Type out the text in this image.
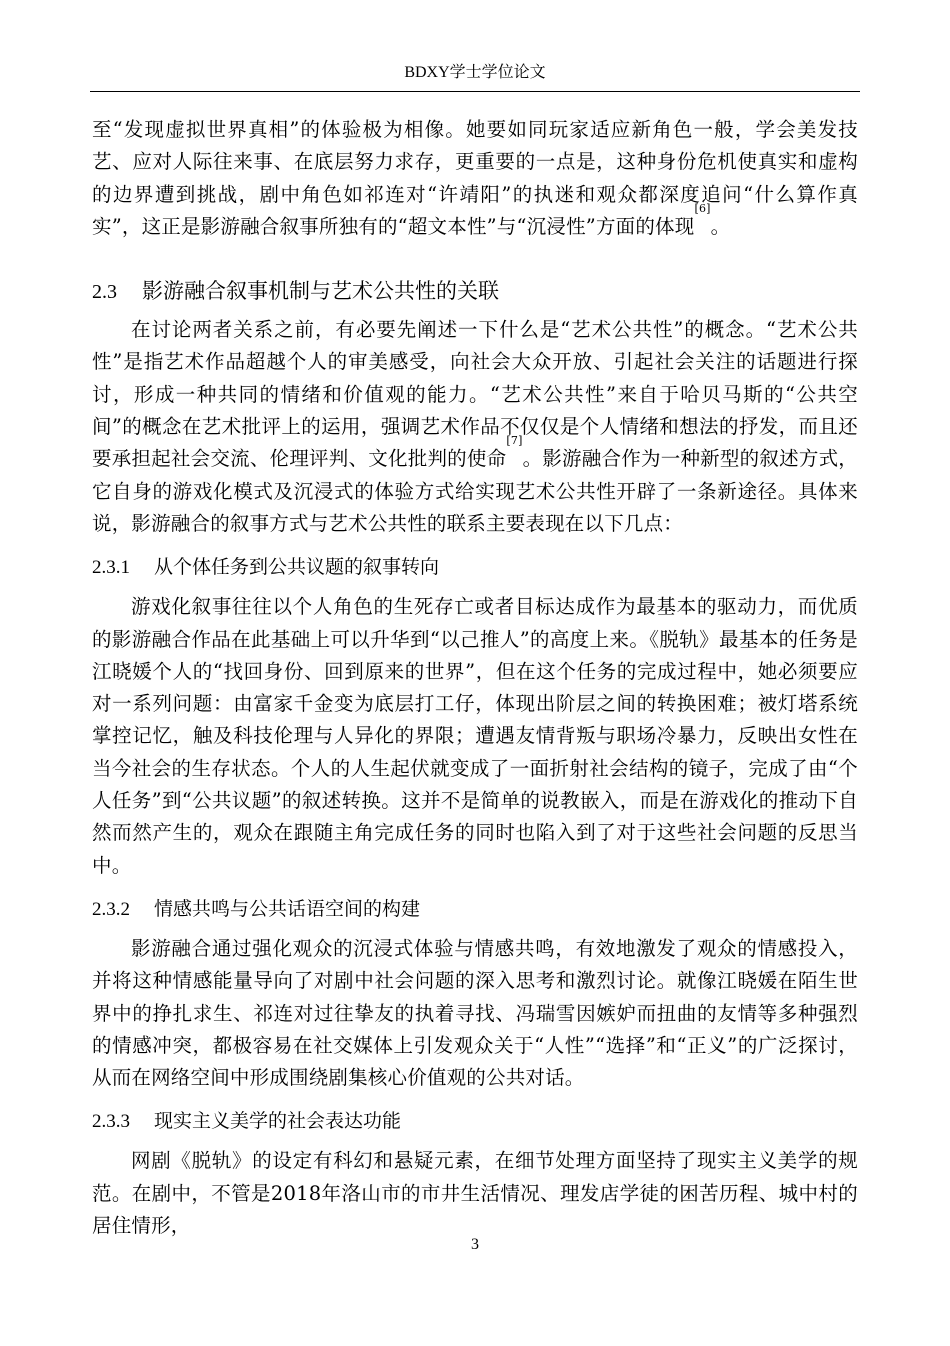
BDXY学士学位论文

至“发现虚拟世界真相”的体验极为相像。她要如同玩家适应新角色一般，学会美发技艺、应对人际往来事、在底层努力求存，更重要的一点是，这种身份危机使真实和虚构的边界遭到挑战，剧中角色如祁连对“许靖阳”的执迷和观众都深度追问“什么算作真实”，这正是影游融合叙事所独有的“超文本性”与“沉浸性”方面的体现[6]。

2.3	影游融合叙事机制与艺术公共性的关联

在讨论两者关系之前，有必要先阐述一下什么是“艺术公共性”的概念。“艺术公共性”是指艺术作品超越个人的审美感受，向社会大众开放、引起社会关注的话题进行探讨，形成一种共同的情绪和价值观的能力。“艺术公共性”来自于哈贝马斯的“公共空间”的概念在艺术批评上的运用，强调艺术作品不仅仅是个人情绪和想法的抒发，而且还要承担起社会交流、伦理评判、文化批判的使命[7]。影游融合作为一种新型的叙述方式，它自身的游戏化模式及沉浸式的体验方式给实现艺术公共性开辟了一条新途径。具体来说，影游融合的叙事方式与艺术公共性的联系主要表现在以下几点：

2.3.1	从个体任务到公共议题的叙事转向

游戏化叙事往往以个人角色的生死存亡或者目标达成作为最基本的驱动力，而优质的影游融合作品在此基础上可以升华到“以己推人”的高度上来。《脱轨》最基本的任务是江晓媛个人的“找回身份、回到原来的世界”，但在这个任务的完成过程中，她必须要应对一系列问题：由富家千金变为底层打工仔，体现出阶层之间的转换困难；被灯塔系统掌控记忆，触及科技伦理与人异化的界限；遭遇友情背叛与职场冷暴力，反映出女性在当今社会的生存状态。个人的人生起伏就变成了一面折射社会结构的镜子，完成了由“个人任务”到“公共议题”的叙述转换。这并不是简单的说教嵌入，而是在游戏化的推动下自然而然产生的，观众在跟随主角完成任务的同时也陷入到了对于这些社会问题的反思当中。

2.3.2	情感共鸣与公共话语空间的构建

影游融合通过强化观众的沉浸式体验与情感共鸣，有效地激发了观众的情感投入，并将这种情感能量导向了对剧中社会问题的深入思考和激烈讨论。就像江晓媛在陌生世界中的挣扎求生、祁连对过往挚友的执着寻找、冯瑞雪因嫉妒而扭曲的友情等多种强烈的情感冲突，都极容易在社交媒体上引发观众关于“人性”“选择”和“正义”的广泛探讨，从而在网络空间中形成围绕剧集核心价值观的公共对话。

2.3.3	现实主义美学的社会表达功能

网剧《脱轨》的设定有科幻和悬疑元素，在细节处理方面坚持了现实主义美学的规范。在剧中，不管是2018年洛山市的市井生活情况、理发店学徒的困苦历程、城中村的居住情形，

3
